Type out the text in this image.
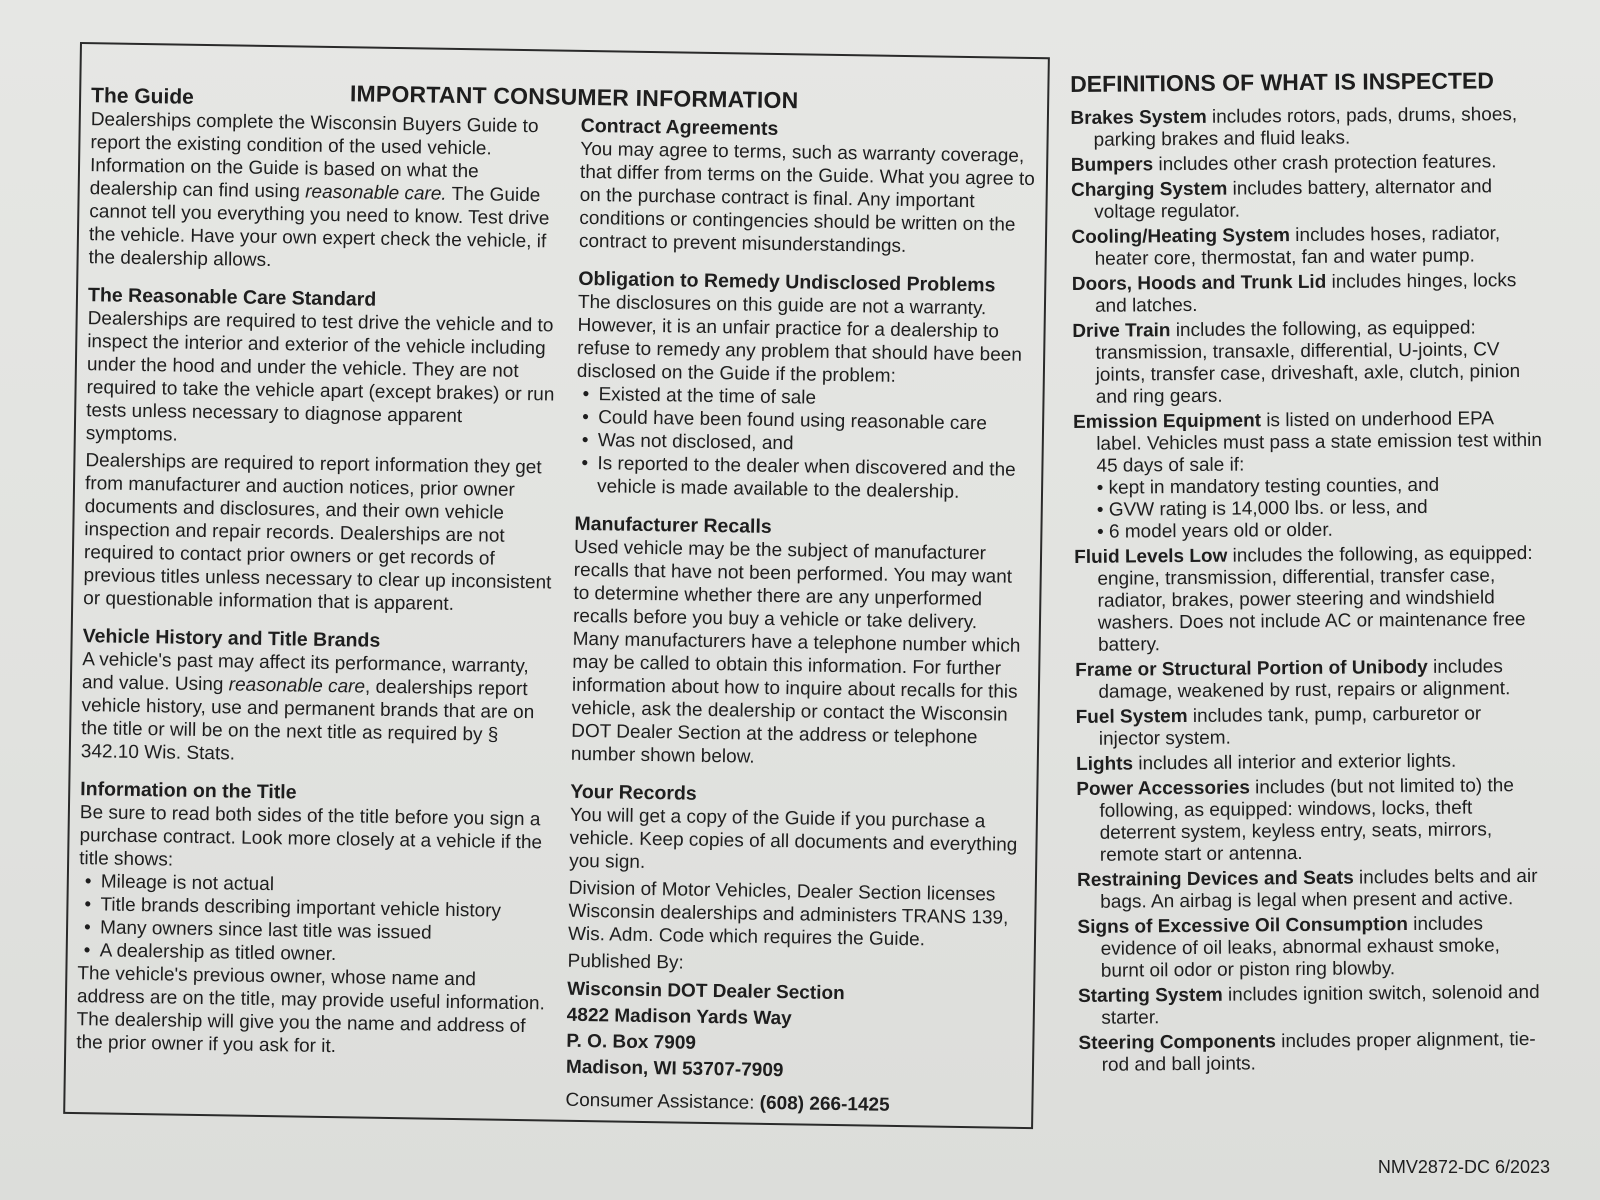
IMPORTANT CONSUMER INFORMATION
The Guide

Dealerships complete the Wisconsin Buyers Guide to report the existing condition of the used vehicle. Information on the Guide is based on what the dealership can find using reasonable care. The Guide cannot tell you everything you need to know. Test drive the vehicle. Have your own expert check the vehicle, if the dealership allows.

The Reasonable Care Standard

Dealerships are required to test drive the vehicle and to inspect the interior and exterior of the vehicle including under the hood and under the vehicle. They are not required to take the vehicle apart (except brakes) or run tests unless necessary to diagnose apparent symptoms.

Dealerships are required to report information they get from manufacturer and auction notices, prior owner documents and disclosures, and their own vehicle inspection and repair records. Dealerships are not required to contact prior owners or get records of previous titles unless necessary to clear up inconsistent or questionable information that is apparent.

Vehicle History and Title Brands

A vehicle's past may affect its performance, warranty, and value. Using reasonable care, dealerships report vehicle history, use and permanent brands that are on the title or will be on the next title as required by § 342.10 Wis. Stats.

Information on the Title

Be sure to read both sides of the title before you sign a purchase contract. Look more closely at a vehicle if the title shows:

• Mileage is not actual
• Title brands describing important vehicle history
• Many owners since last title was issued
• A dealership as titled owner.

The vehicle's previous owner, whose name and address are on the title, may provide useful information. The dealership will give you the name and address of the prior owner if you ask for it.

Contract Agreements

You may agree to terms, such as warranty coverage, that differ from terms on the Guide. What you agree to on the purchase contract is final. Any important conditions or contingencies should be written on the contract to prevent misunderstandings.

Obligation to Remedy Undisclosed Problems

The disclosures on this guide are not a warranty. However, it is an unfair practice for a dealership to refuse to remedy any problem that should have been disclosed on the Guide if the problem:

• Existed at the time of sale
• Could have been found using reasonable care
• Was not disclosed, and
• Is reported to the dealer when discovered and the vehicle is made available to the dealership.
Manufacturer Recalls

Used vehicle may be the subject of manufacturer recalls that have not been performed. You may want to determine whether there are any unperformed recalls before you buy a vehicle or take delivery. Many manufacturers have a telephone number which may be called to obtain this information. For further information about how to inquire about recalls for this vehicle, ask the dealership or contact the Wisconsin DOT Dealer Section at the address or telephone number shown below.

Your Records

You will get a copy of the Guide if you purchase a vehicle. Keep copies of all documents and everything you sign.

Division of Motor Vehicles, Dealer Section licenses Wisconsin dealerships and administers TRANS 139, Wis. Adm. Code which requires the Guide.

Published By:

Wisconsin DOT Dealer Section
4822 Madison Yards Way
P. O. Box 7909
Madison, WI 53707-7909

Consumer Assistance: (608) 266-1425

DEFINITIONS OF WHAT IS INSPECTED
Brakes System includes rotors, pads, drums, shoes, parking brakes and fluid leaks.
Bumpers includes other crash protection features.
Charging System includes battery, alternator and voltage regulator.
Cooling/Heating System includes hoses, radiator, heater core, thermostat, fan and water pump.
Doors, Hoods and Trunk Lid includes hinges, locks and latches.
Drive Train includes the following, as equipped: transmission, transaxle, differential, U-joints, CV joints, transfer case, driveshaft, axle, clutch, pinion and ring gears.
Emission Equipment is listed on underhood EPA label. Vehicles must pass a state emission test within 45 days of sale if:
• kept in mandatory testing counties, and
• GVW rating is 14,000 lbs. or less, and
• 6 model years old or older.
Fluid Levels Low includes the following, as equipped: engine, transmission, differential, transfer case, radiator, brakes, power steering and windshield washers. Does not include AC or maintenance free battery.
Frame or Structural Portion of Unibody includes damage, weakened by rust, repairs or alignment.
Fuel System includes tank, pump, carburetor or injector system.
Lights includes all interior and exterior lights.
Power Accessories includes (but not limited to) the following, as equipped: windows, locks, theft deterrent system, keyless entry, seats, mirrors, remote start or antenna.
Restraining Devices and Seats includes belts and air bags. An airbag is legal when present and active.
Signs of Excessive Oil Consumption includes evidence of oil leaks, abnormal exhaust smoke, burnt oil odor or piston ring blowby.
Starting System includes ignition switch, solenoid and starter.
Steering Components includes proper alignment, tie-rod and ball joints.
NMV2872-DC 6/2023
